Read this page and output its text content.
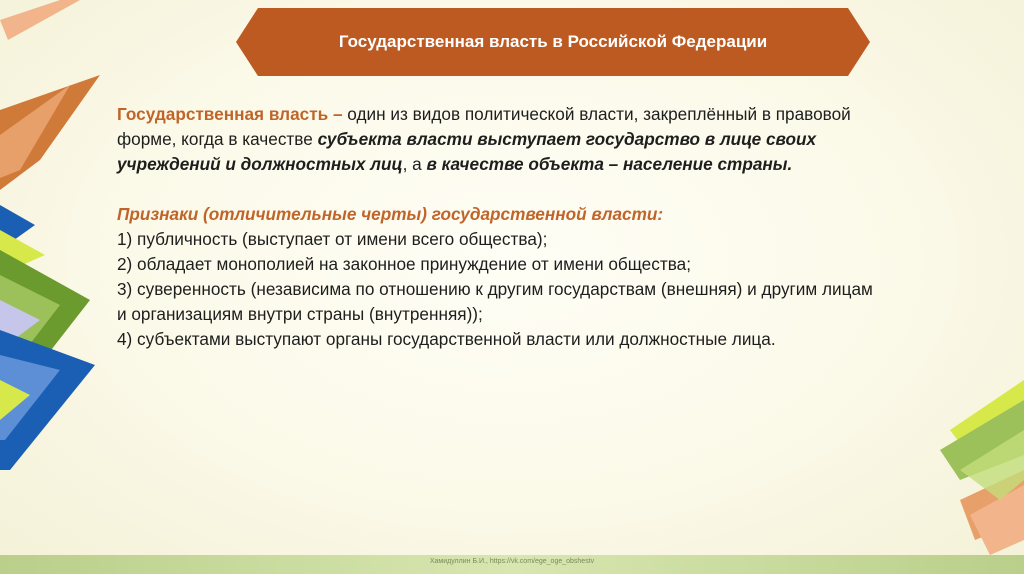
Государственная власть в Российской Федерации

Государственная власть – один из видов политической власти, закреплённый в правовой форме, когда в качестве субъекта власти выступает государство в лице своих учреждений и должностных лиц, а в качестве объекта – население страны.

Признаки (отличительные черты) государственной власти:

1) публичность (выступает от имени всего общества);

2) обладает монополией на законное принуждение от имени общества;

3) суверенность (независима по отношению к другим государствам (внешняя) и другим лицам и организациям внутри страны (внутренняя));

4) субъектами выступают органы государственной власти или должностные лица.

Хамидуллин Б.И., https://vk.com/ege_oge_obshestv
